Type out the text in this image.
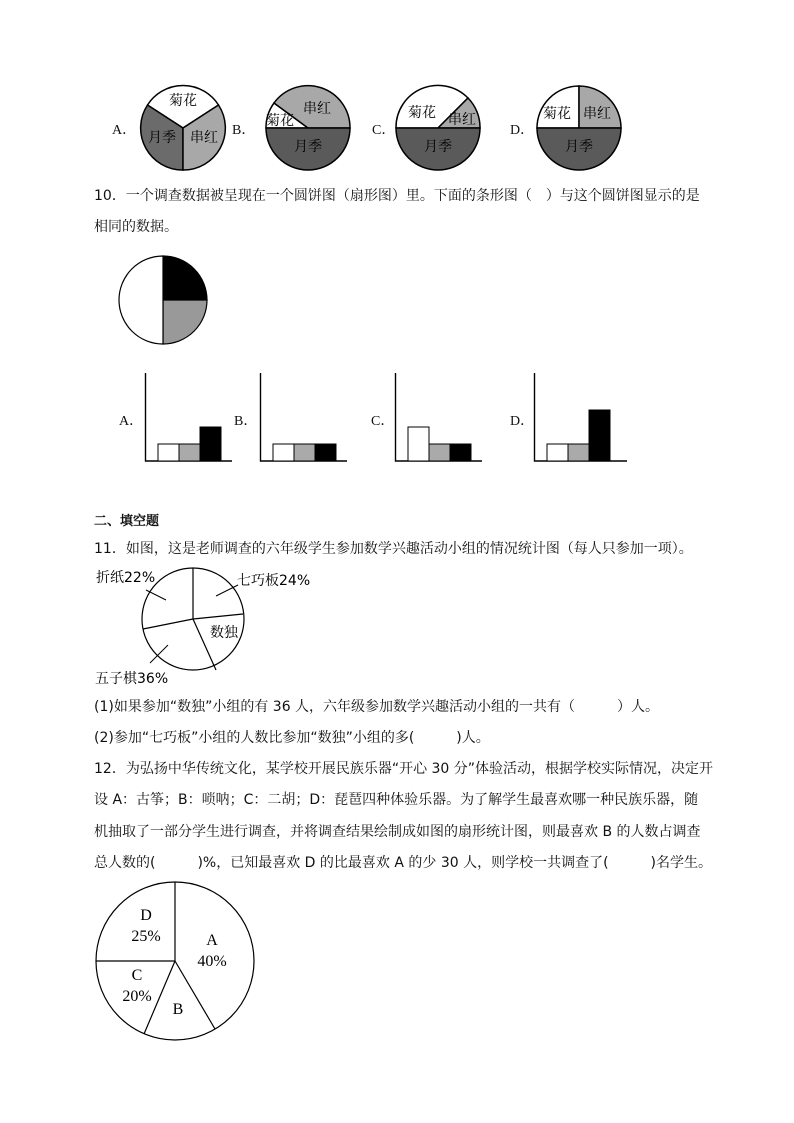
A．
菊花
月季 串红 B．
菊花
串红
月季
C．
菊花 串红
月季
D．
菊花 串红
月季
10．一个调查数据被呈现在一个圆饼图（扇形图）里。下面的条形图（　）与这个圆饼图显示的是
相同的数据。
A．	B．	C．	D．
二、填空题
11．如图，这是老师调查的六年级学生参加数学兴趣活动小组的情况统计图（每人只参加一项）。
七巧板24%
数独
五子棋36%
折纸22%
(1)如果参加“数独”小组的有 36 人，六年级参加数学兴趣活动小组的一共有（　　　）人。
(2)参加“七巧板”小组的人数比参加“数独”小组的多(　　　)人。
12．为弘扬中华传统文化，某学校开展民族乐器“开心 30 分”体验活动，根据学校实际情况，决定开
设 A：古筝；B：唢呐；C：二胡；D：琵琶四种体验乐器。为了解学生最喜欢哪一种民族乐器，随
机抽取了一部分学生进行调查，并将调查结果绘制成如图的扇形统计图，则最喜欢 B 的人数占调查
总人数的(　　　)%，已知最喜欢 D 的比最喜欢 A 的少 30 人，则学校一共调查了(　　　)名学生。
A
40%
B
C
20%
D
25%
